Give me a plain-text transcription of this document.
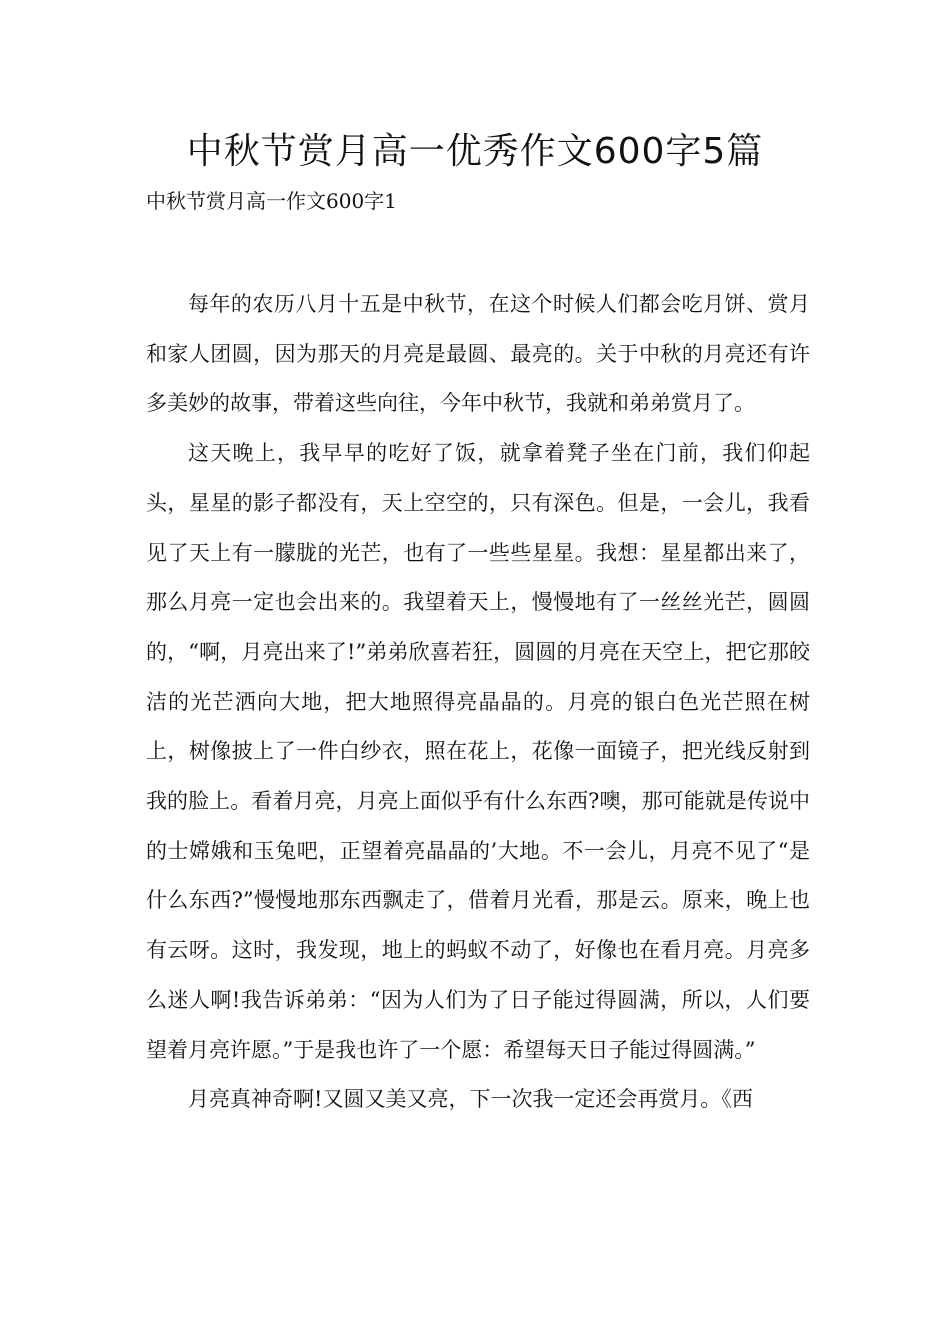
中秋节赏月高一优秀作文600字5篇
中秋节赏月高一作文600字1

每年的农历八月十五是中秋节，在这个时候人们都会吃月饼、赏月和家人团圆，因为那天的月亮是最圆、最亮的。关于中秋的月亮还有许多美妙的故事，带着这些向往，今年中秋节，我就和弟弟赏月了。

这天晚上，我早早的吃好了饭，就拿着凳子坐在门前，我们仰起头，星星的影子都没有，天上空空的，只有深色。但是，一会儿，我看见了天上有一朦胧的光芒，也有了一些些星星。我想：星星都出来了，那么月亮一定也会出来的。我望着天上，慢慢地有了一丝丝光芒，圆圆的，“啊，月亮出来了!”弟弟欣喜若狂，圆圆的月亮在天空上，把它那皎洁的光芒洒向大地，把大地照得亮晶晶的。月亮的银白色光芒照在树上，树像披上了一件白纱衣，照在花上，花像一面镜子，把光线反射到我的脸上。看着月亮，月亮上面似乎有什么东西?噢，那可能就是传说中的士嫦娥和玉兔吧，正望着亮晶晶的’大地。不一会儿，月亮不见了“是什么东西?”慢慢地那东西飘走了，借着月光看，那是云。原来，晚上也有云呀。这时，我发现，地上的蚂蚁不动了，好像也在看月亮。月亮多么迷人啊!我告诉弟弟：“因为人们为了日子能过得圆满，所以，人们要望着月亮许愿。”于是我也许了一个愿：希望每天日子能过得圆满。”

月亮真神奇啊!又圆又美又亮，下一次我一定还会再赏月。《西
